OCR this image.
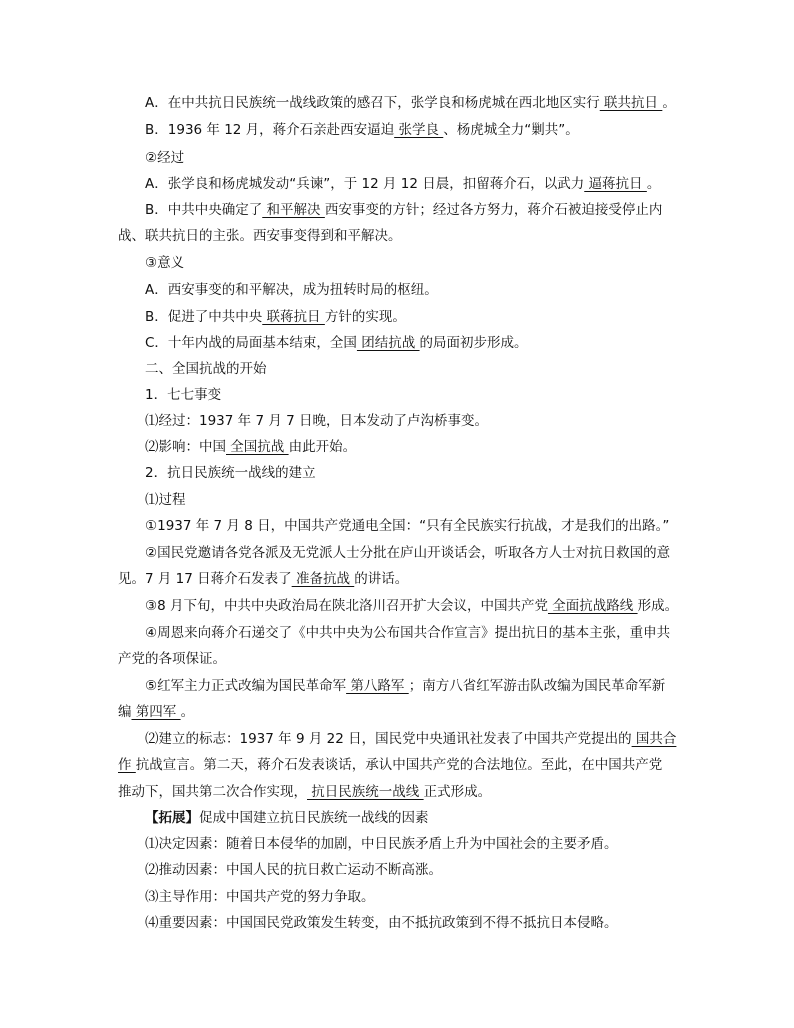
A．在中共抗日民族统一战线政策的感召下，张学良和杨虎城在西北地区实行 联共抗日 。
B．1936 年 12 月，蒋介石亲赴西安逼迫 张学良 、杨虎城全力“剿共”。
②经过
A．张学良和杨虎城发动“兵谏”，于 12 月 12 日晨，扣留蒋介石，以武力 逼蒋抗日 。
B．中共中央确定了 和平解决 西安事变的方针；经过各方努力，蒋介石被迫接受停止内
战、联共抗日的主张。西安事变得到和平解决。
③意义
A．西安事变的和平解决，成为扭转时局的枢纽。
B．促进了中共中央 联蒋抗日 方针的实现。
C．十年内战的局面基本结束，全国 团结抗战 的局面初步形成。
二、全国抗战的开始
1．七七事变
⑴经过：1937 年 7 月 7 日晚，日本发动了卢沟桥事变。
⑵影响：中国 全国抗战 由此开始。
2．抗日民族统一战线的建立
⑴过程
①1937 年 7 月 8 日，中国共产党通电全国：“只有全民族实行抗战，才是我们的出路。”
②国民党邀请各党各派及无党派人士分批在庐山开谈话会，听取各方人士对抗日救国的意
见。7 月 17 日蒋介石发表了 准备抗战 的讲话。
③8 月下旬，中共中央政治局在陕北洛川召开扩大会议，中国共产党 全面抗战路线 形成。
④周恩来向蒋介石递交了《中共中央为公布国共合作宣言》提出抗日的基本主张，重申共
产党的各项保证。
⑤红军主力正式改编为国民革命军 第八路军 ；南方八省红军游击队改编为国民革命军新
编 第四军 。
⑵建立的标志：1937 年 9 月 22 日，国民党中央通讯社发表了中国共产党提出的 国共合
作 抗战宣言。第二天，蒋介石发表谈话，承认中国共产党的合法地位。至此，在中国共产党
推动下，国共第二次合作实现， 抗日民族统一战线 正式形成。
【拓展】促成中国建立抗日民族统一战线的因素
⑴决定因素：随着日本侵华的加剧，中日民族矛盾上升为中国社会的主要矛盾。
⑵推动因素：中国人民的抗日救亡运动不断高涨。
⑶主导作用：中国共产党的努力争取。
⑷重要因素：中国国民党政策发生转变，由不抵抗政策到不得不抵抗日本侵略。
